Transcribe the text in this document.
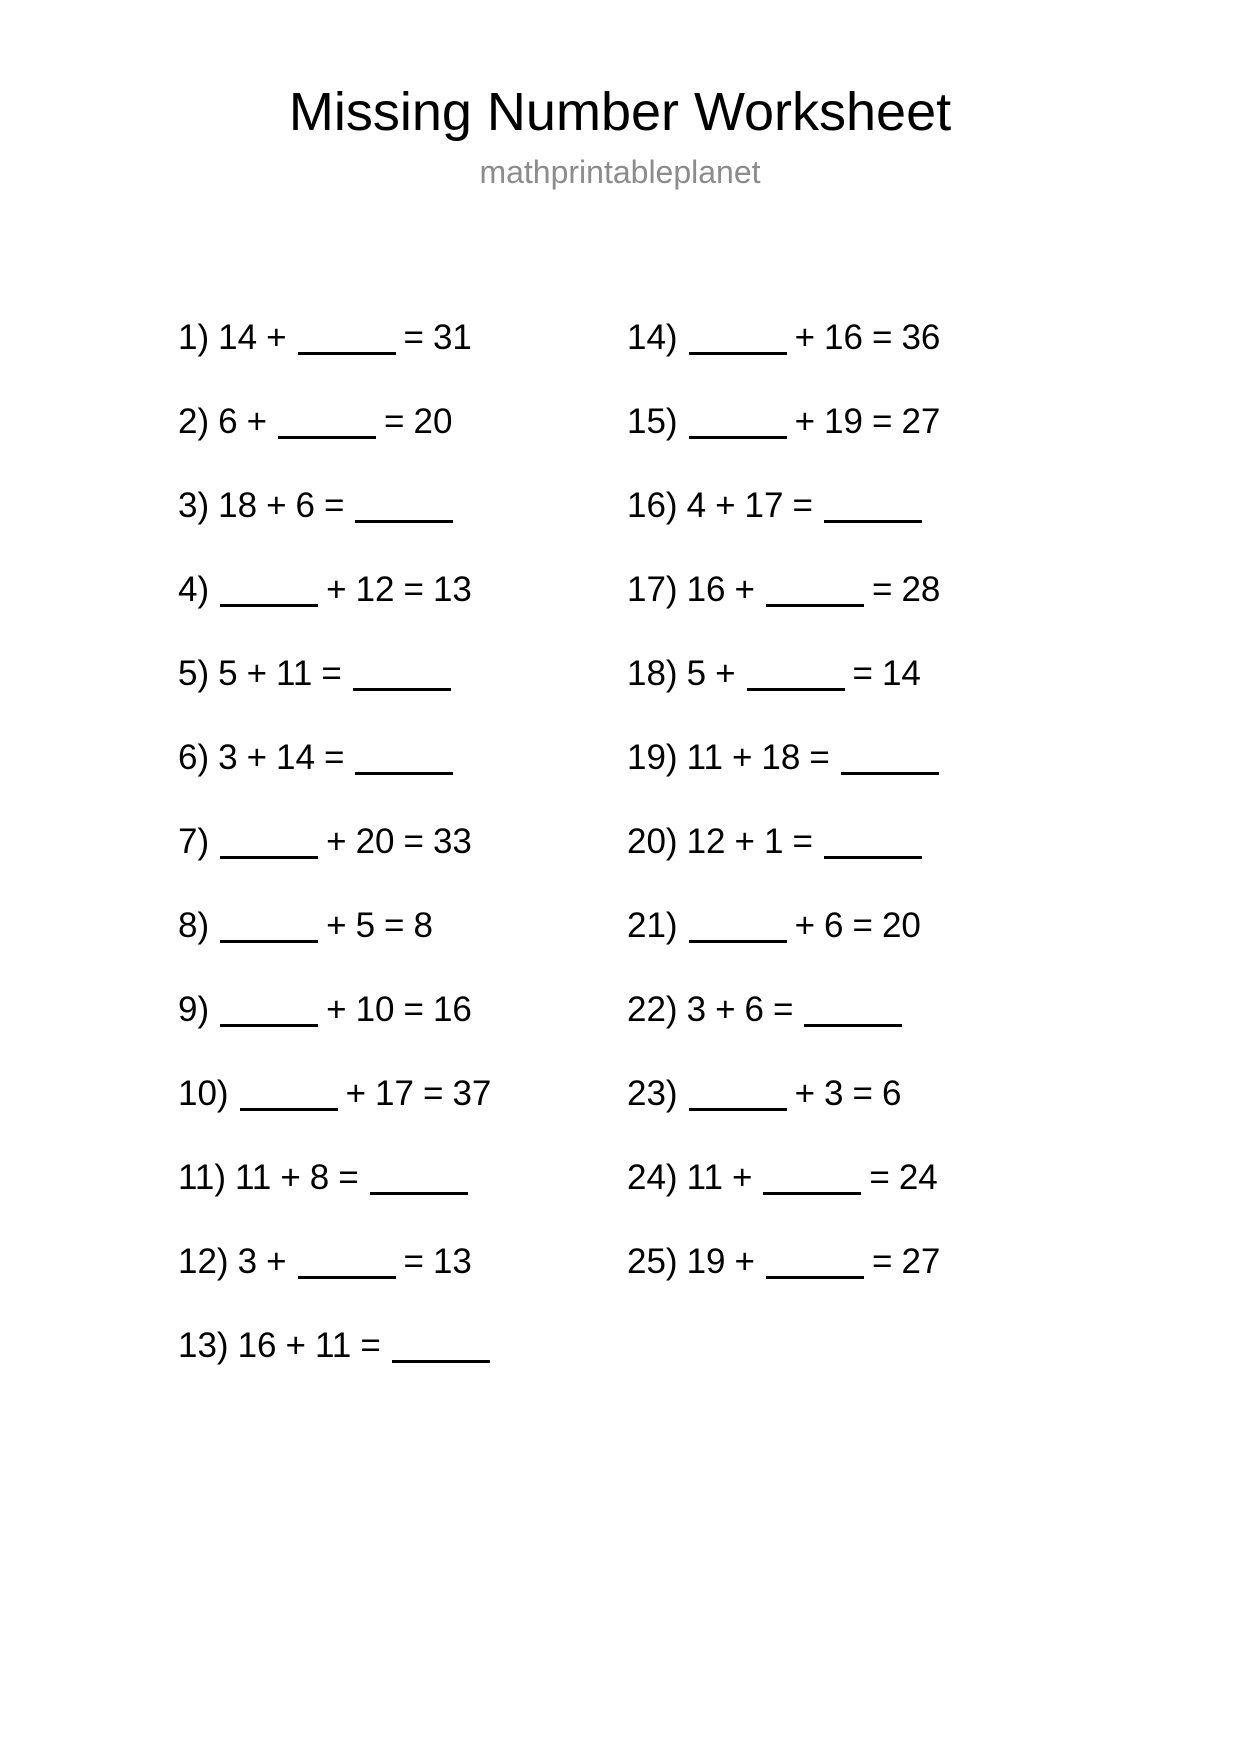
Missing Number Worksheet
mathprintableplanet
1) 14 +	= 31
2) 6 +	= 20
3) 18 + 6 =
4)	+ 12 = 13
5) 5 + 11 =
6) 3 + 14 =
7)	+ 20 = 33
8)	+ 5 = 8
9)	+ 10 = 16
10)	+ 17 = 37
11) 11 + 8 =
12) 3 +	= 13
13) 16 + 11 =
14)	+ 16 = 36
15)	+ 19 = 27
16) 4 + 17 =
17) 16 +	= 28
18) 5 +	= 14
19) 11 + 18 =
20) 12 + 1 =
21)	+ 6 = 20
22) 3 + 6 =
23)	+ 3 = 6
24) 11 +	= 24
25) 19 +	= 27
